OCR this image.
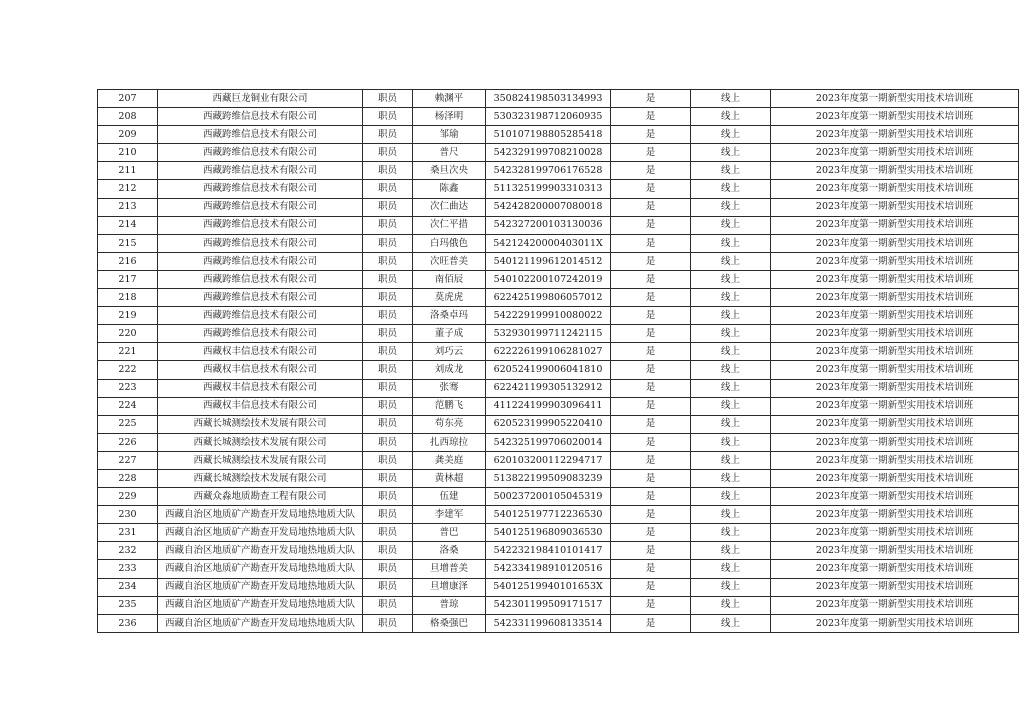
207	西藏巨龙铜业有限公司	职员	赖渊平	350824198503134993	是	线上	2023年度第一期新型实用技术培训班
208	西藏跨维信息技术有限公司	职员	杨泽明	530323198712060935	是	线上	2023年度第一期新型实用技术培训班
209	西藏跨维信息技术有限公司	职员	邹瑜	510107198805285418	是	线上	2023年度第一期新型实用技术培训班
210	西藏跨维信息技术有限公司	职员	普尺	542329199708210028	是	线上	2023年度第一期新型实用技术培训班
211	西藏跨维信息技术有限公司	职员	桑旦次央	542328199706176528	是	线上	2023年度第一期新型实用技术培训班
212	西藏跨维信息技术有限公司	职员	陈鑫	511325199903310313	是	线上	2023年度第一期新型实用技术培训班
213	西藏跨维信息技术有限公司	职员	次仁曲达	542428200007080018	是	线上	2023年度第一期新型实用技术培训班
214	西藏跨维信息技术有限公司	职员	次仁平措	542327200103130036	是	线上	2023年度第一期新型实用技术培训班
215	西藏跨维信息技术有限公司	职员	白玛俄色	54212420000403011X	是	线上	2023年度第一期新型实用技术培训班
216	西藏跨维信息技术有限公司	职员	次旺普美	540121199612014512	是	线上	2023年度第一期新型实用技术培训班
217	西藏跨维信息技术有限公司	职员	南佰辰	540102200107242019	是	线上	2023年度第一期新型实用技术培训班
218	西藏跨维信息技术有限公司	职员	莫虎虎	622425199806057012	是	线上	2023年度第一期新型实用技术培训班
219	西藏跨维信息技术有限公司	职员	洛桑卓玛	542229199910080022	是	线上	2023年度第一期新型实用技术培训班
220	西藏跨维信息技术有限公司	职员	董子成	532930199711242115	是	线上	2023年度第一期新型实用技术培训班
221	西藏权丰信息技术有限公司	职员	刘巧云	622226199106281027	是	线上	2023年度第一期新型实用技术培训班
222	西藏权丰信息技术有限公司	职员	刘成龙	620524199006041810	是	线上	2023年度第一期新型实用技术培训班
223	西藏权丰信息技术有限公司	职员	张骞	622421199305132912	是	线上	2023年度第一期新型实用技术培训班
224	西藏权丰信息技术有限公司	职员	范鹏飞	411224199903096411	是	线上	2023年度第一期新型实用技术培训班
225	西藏长城测绘技术发展有限公司	职员	苟东亮	620523199905220410	是	线上	2023年度第一期新型实用技术培训班
226	西藏长城测绘技术发展有限公司	职员	扎西琼拉	542325199706020014	是	线上	2023年度第一期新型实用技术培训班
227	西藏长城测绘技术发展有限公司	职员	龚美庭	620103200112294717	是	线上	2023年度第一期新型实用技术培训班
228	西藏长城测绘技术发展有限公司	职员	黄林超	513822199509083239	是	线上	2023年度第一期新型实用技术培训班
229	西藏众淼地质勘查工程有限公司	职员	伍建	500237200105045319	是	线上	2023年度第一期新型实用技术培训班
230	西藏自治区地质矿产勘查开发局地热地质大队	职员	李建军	540125197712236530	是	线上	2023年度第一期新型实用技术培训班
231	西藏自治区地质矿产勘查开发局地热地质大队	职员	普巴	540125196809036530	是	线上	2023年度第一期新型实用技术培训班
232	西藏自治区地质矿产勘查开发局地热地质大队	职员	洛桑	542232198410101417	是	线上	2023年度第一期新型实用技术培训班
233	西藏自治区地质矿产勘查开发局地热地质大队	职员	旦增普美	542334198910120516	是	线上	2023年度第一期新型实用技术培训班
234	西藏自治区地质矿产勘查开发局地热地质大队	职员	旦增康泽	54012519940101653X	是	线上	2023年度第一期新型实用技术培训班
235	西藏自治区地质矿产勘查开发局地热地质大队	职员	普琼	542301199509171517	是	线上	2023年度第一期新型实用技术培训班
236	西藏自治区地质矿产勘查开发局地热地质大队	职员	格桑强巴	542331199608133514	是	线上	2023年度第一期新型实用技术培训班
